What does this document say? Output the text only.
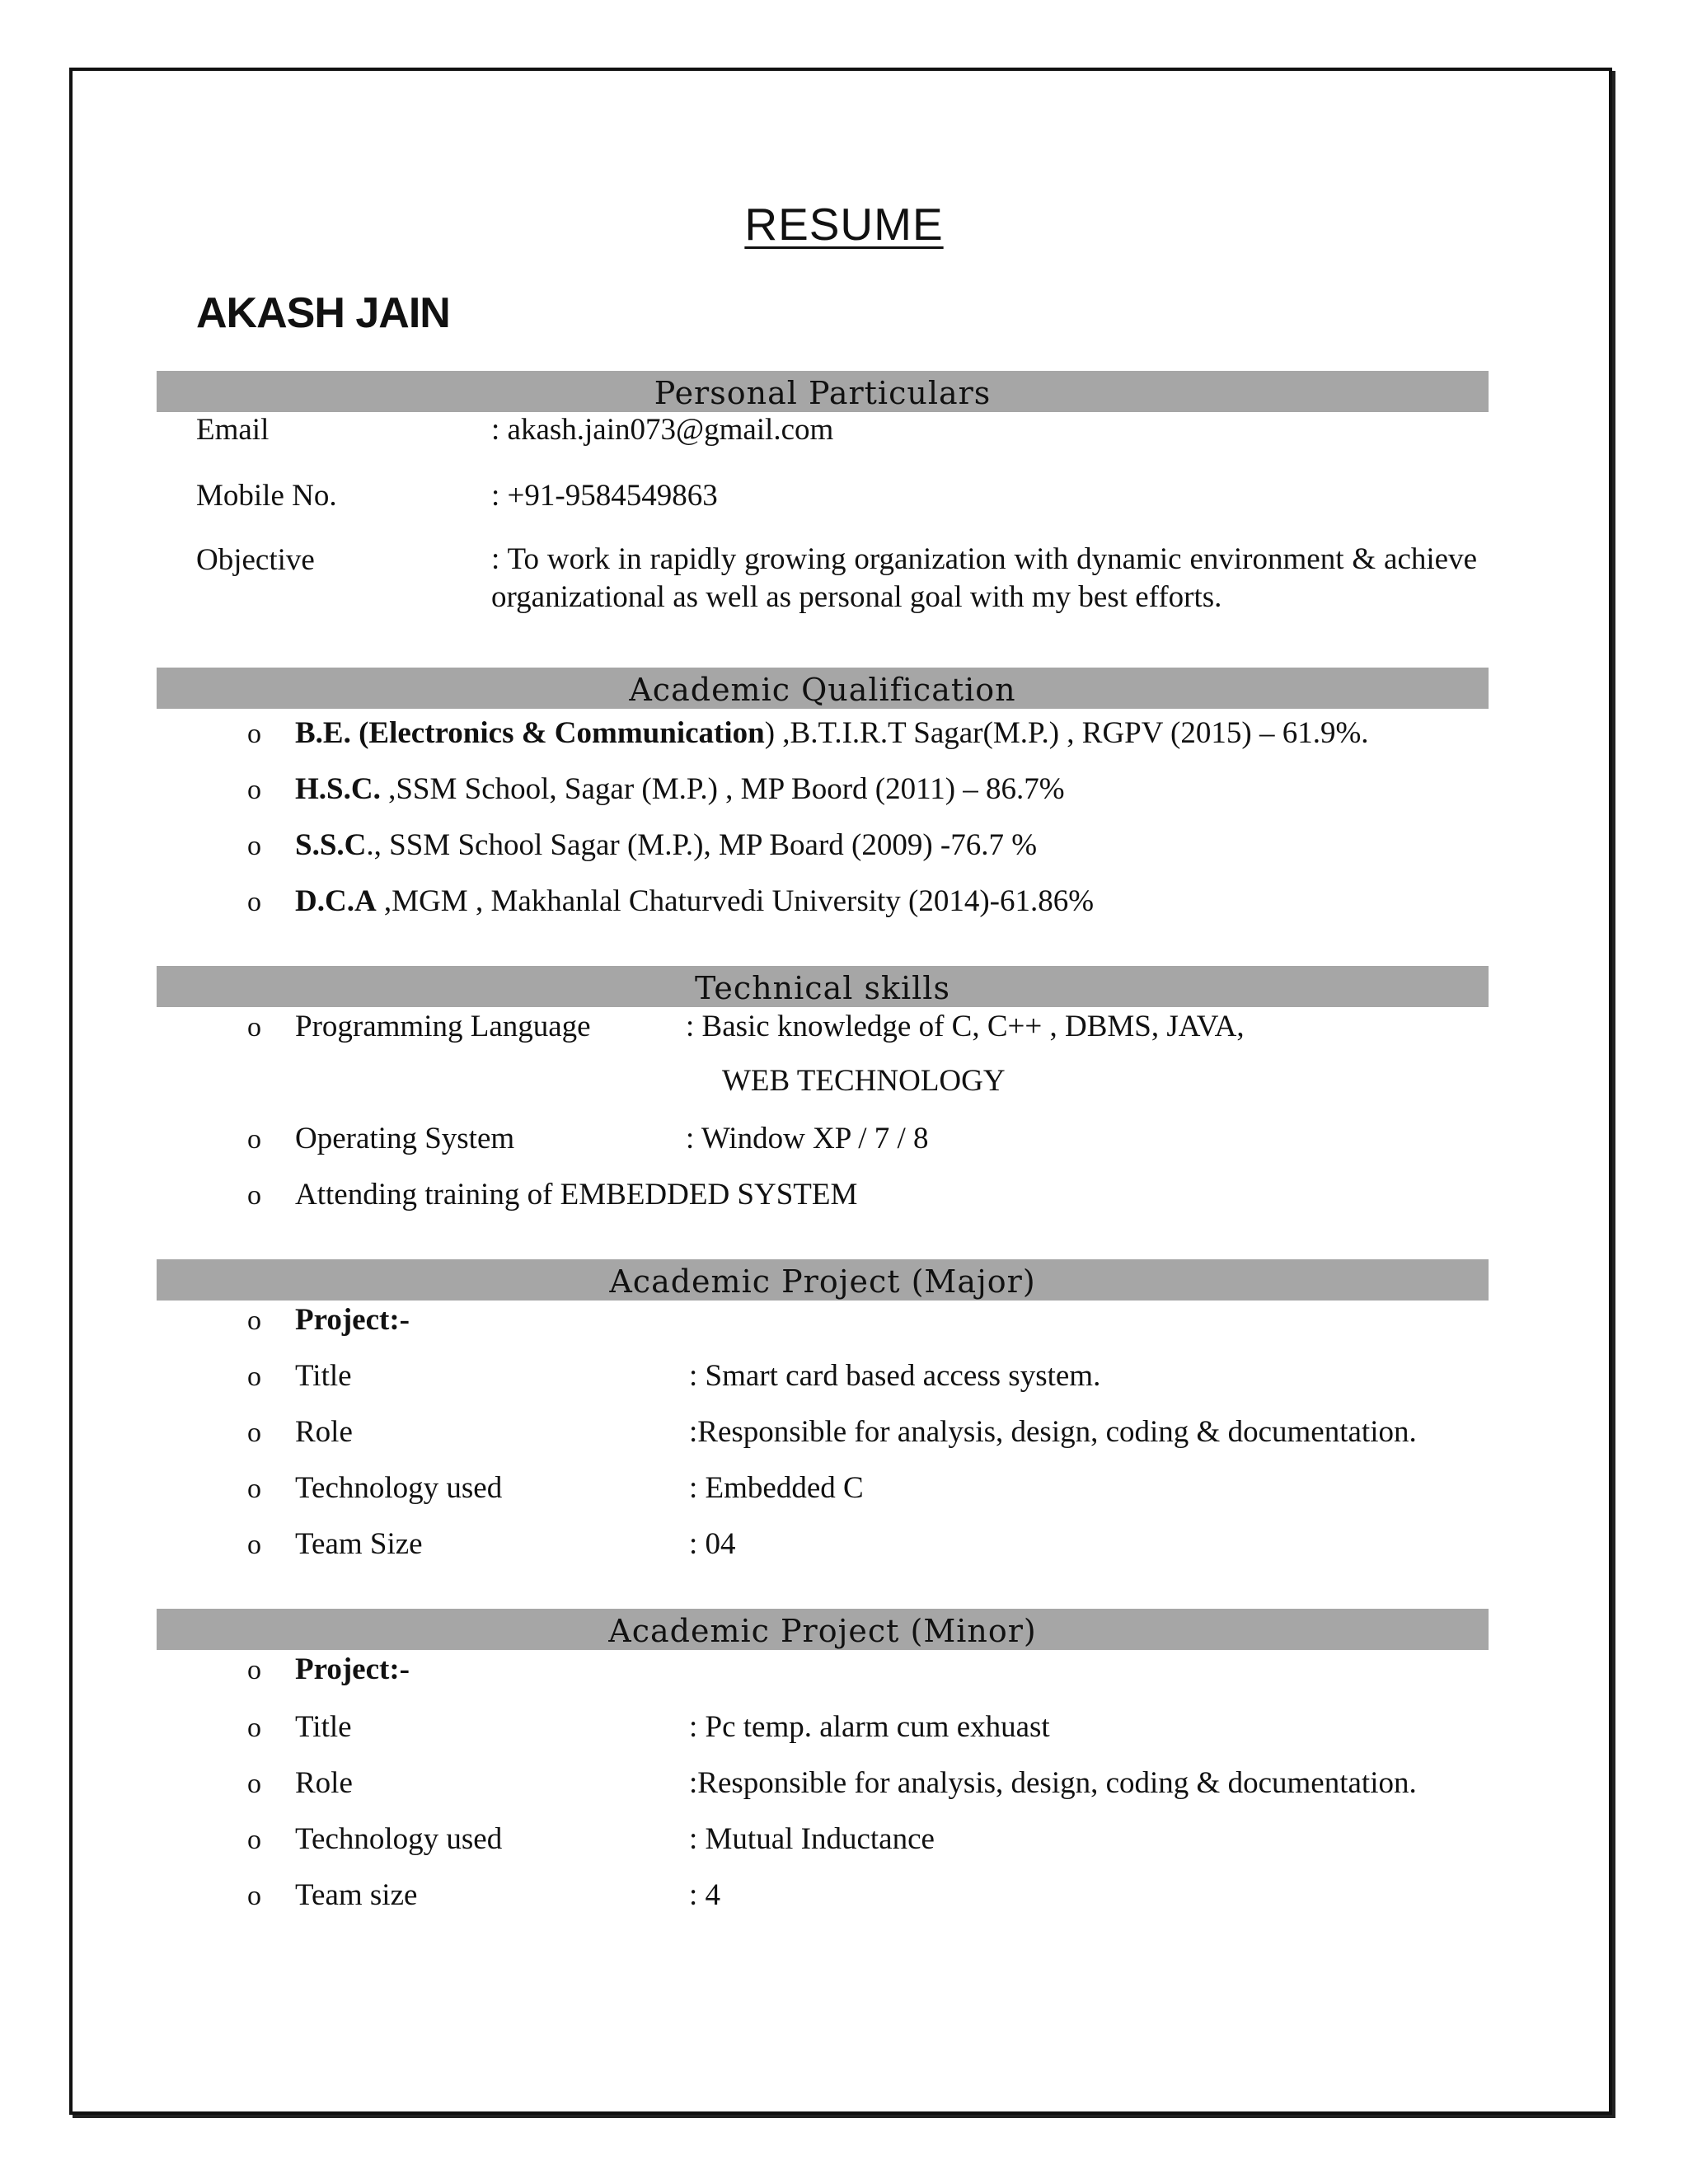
RESUME
AKASH JAIN
Personal Particulars
Email	: akash.jain073@gmail.com
Mobile No.	: +91-9584549863
Objective	: To work in rapidly growing organization with dynamic environment & achieve organizational as well as personal goal with my best efforts.
Academic Qualification
o B.E. (Electronics & Communication) ,B.T.I.R.T Sagar(M.P.) , RGPV (2015) – 61.9%.
o H.S.C. ,SSM School, Sagar (M.P.) , MP Boord (2011) – 86.7%
o S.S.C., SSM School Sagar (M.P.), MP Board (2009) -76.7 %
o D.C.A ,MGM , Makhanlal Chaturvedi University (2014)-61.86%
Technical skills
o Programming Language	: Basic knowledge of C, C++ , DBMS, JAVA,
WEB TECHNOLOGY
o Operating System	: Window XP / 7 / 8
o Attending training of EMBEDDED SYSTEM
Academic Project (Major)
o Project:-
o Title	: Smart card based access system.
o Role	:Responsible for analysis, design, coding & documentation.
o Technology used	: Embedded C
o Team Size	: 04
Academic Project (Minor)
o Project:-
o Title	: Pc temp. alarm cum exhuast
o Role	:Responsible for analysis, design, coding & documentation.
o Technology used	: Mutual Inductance
o Team size	: 4
